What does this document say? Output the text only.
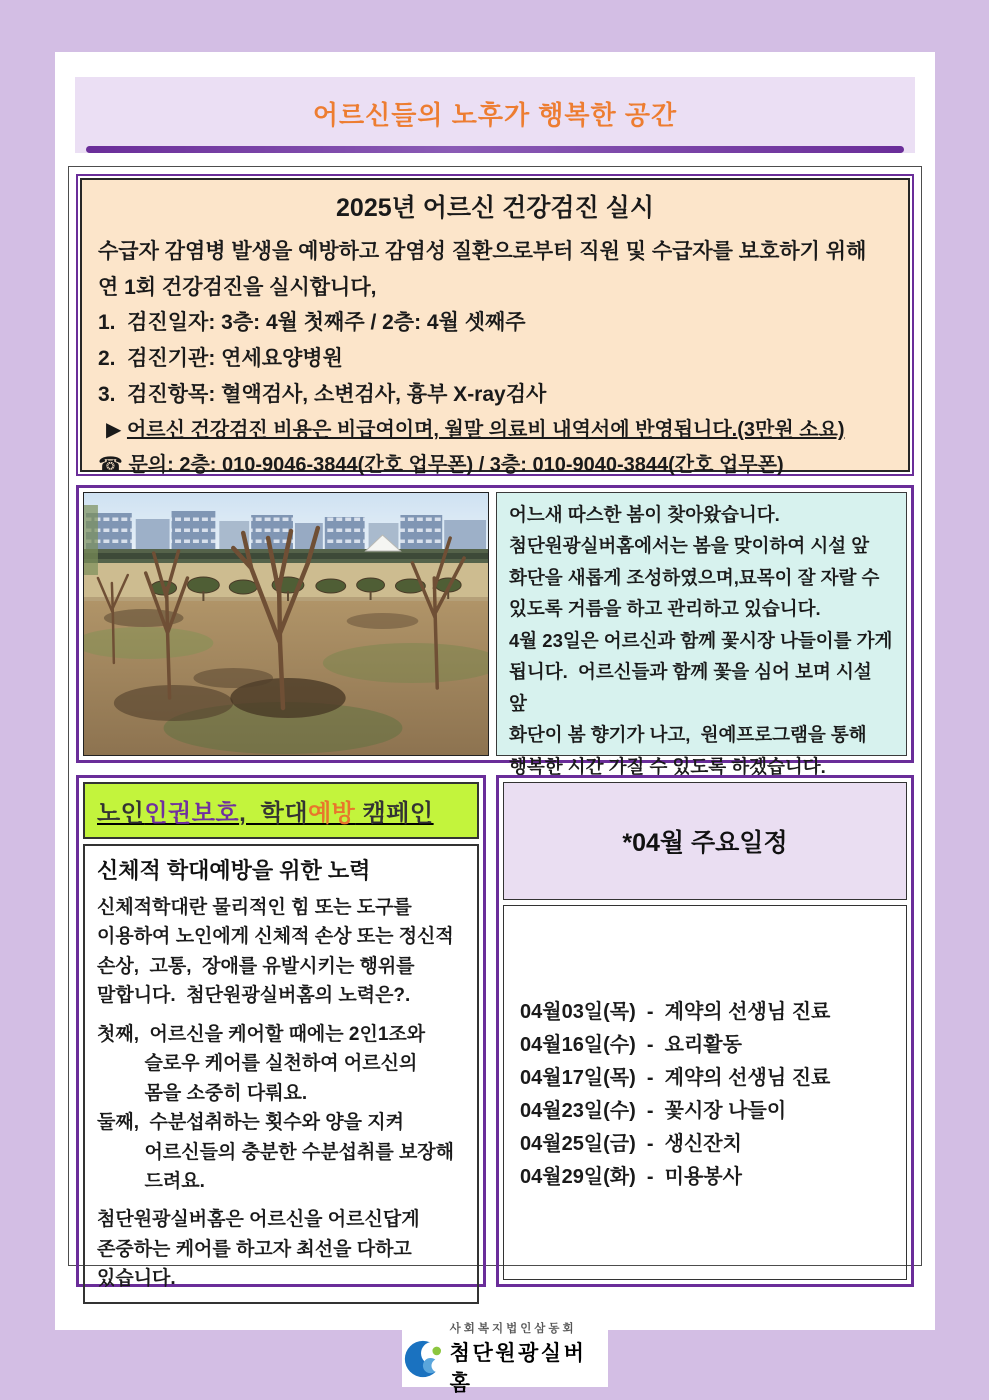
어르신들의 노후가 행복한 공간
2025년 어르신 건강검진 실시
수급자 감염병 발생을 예방하고 감염성 질환으로부터 직원 및 수급자를 보호하기 위해
연 1회 건강검진을 실시합니다,
1.  검진일자: 3층: 4월 첫째주 / 2층: 4월 셋째주
2.  검진기관: 연세요양병원
3.  검진항목: 혈액검사, 소변검사, 흉부 X-ray검사
▶ 어르신 건강검진 비용은 비급여이며, 월말 의료비 내역서에 반영됩니다.(3만원 소요)
☎ 문의: 2층: 010-9046-3844(간호 업무폰) / 3층: 010-9040-3844(간호 업무폰)
어느새 따스한 봄이 찾아왔습니다.
첨단원광실버홈에서는 봄을 맞이하여 시설 앞
화단을 새롭게 조성하였으며,묘목이 잘 자랄 수
있도록 거름을 하고 관리하고 있습니다.
4월 23일은 어르신과 함께 꽃시장 나들이를 가게
됩니다.  어르신들과 함께 꽃을 심어 보며 시설 앞
화단이 봄 향기가 나고,  원예프로그램을 통해
행복한 시간 가질 수 있도록 하겠습니다.
노인인권보호,  학대예방 캠페인
신체적 학대예방을 위한 노력
신체적학대란 물리적인 힘 또는 도구를
이용하여 노인에게 신체적 손상 또는 정신적
손상,  고통,  장애를 유발시키는 행위를
말합니다.  첨단원광실버홈의 노력은?.
첫째,  어르신을 케어할 때에는 2인1조와
슬로우 케어를 실천하여 어르신의
몸을 소중히 다뤄요.
둘째,  수분섭취하는 횟수와 양을 지켜
어르신들의 충분한 수분섭취를 보장해
드려요.
첨단원광실버홈은 어르신을 어르신답게
존중하는 케어를 하고자 최선을 다하고
있습니다.
*04월 주요일정
04월03일(목)  -  계약의 선생님 진료
04월16일(수)  -  요리활동
04월17일(목)  -  계약의 선생님 진료
04월23일(수)  -  꽃시장 나들이
04월25일(금)  -  생신잔치
04월29일(화)  -  미용봉사
사회복지법인삼동회
첨단원광실버홈
